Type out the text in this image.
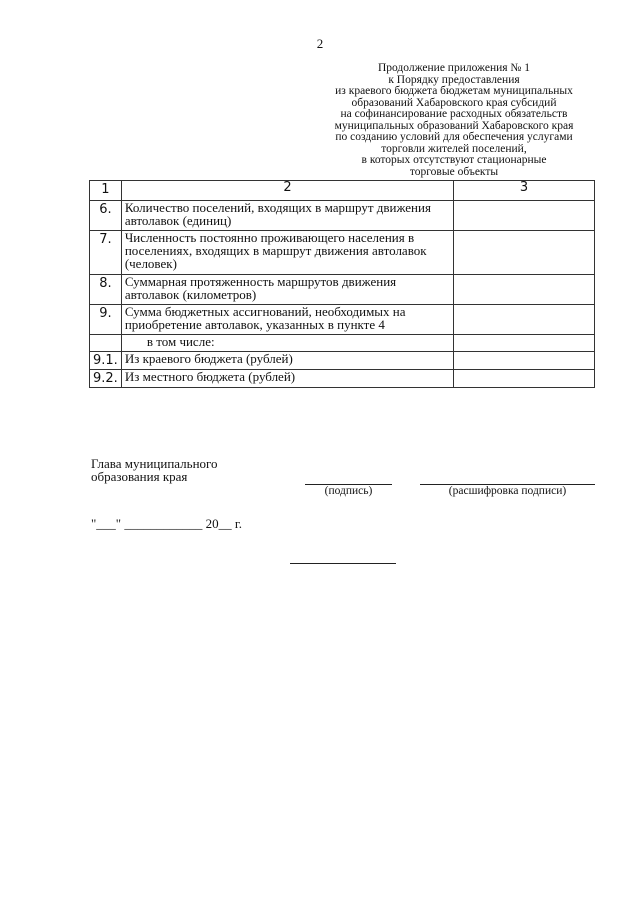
2
Продолжение приложения № 1
к Порядку предоставления
из краевого бюджета бюджетам муниципальных
образований Хабаровского края субсидий
на софинансирование расходных обязательств
муниципальных образований Хабаровского края
по созданию условий для обеспечения услугами
торговли жителей поселений,
в которых отсутствуют стационарные
торговые объекты
1	2	3
6.	Количество поселений, входящих в маршрут движения автолавок (единиц)	
7.	Численность постоянно проживающего населения в поселениях, входящих в маршрут движения автолавок (человек)	
8.	Суммарная протяженность маршрутов движения автолавок (километров)	
9.	Сумма бюджетных ассигнований, необходимых на приобретение автолавок, указанных в пункте 4	
	в том числе:	
9.1.	Из краевого бюджета (рублей)	
9.2.	Из местного бюджета (рублей)	
Глава муниципального
образования края
(подпись)	(расшифровка подписи)
"___" ____________ 20__ г.
